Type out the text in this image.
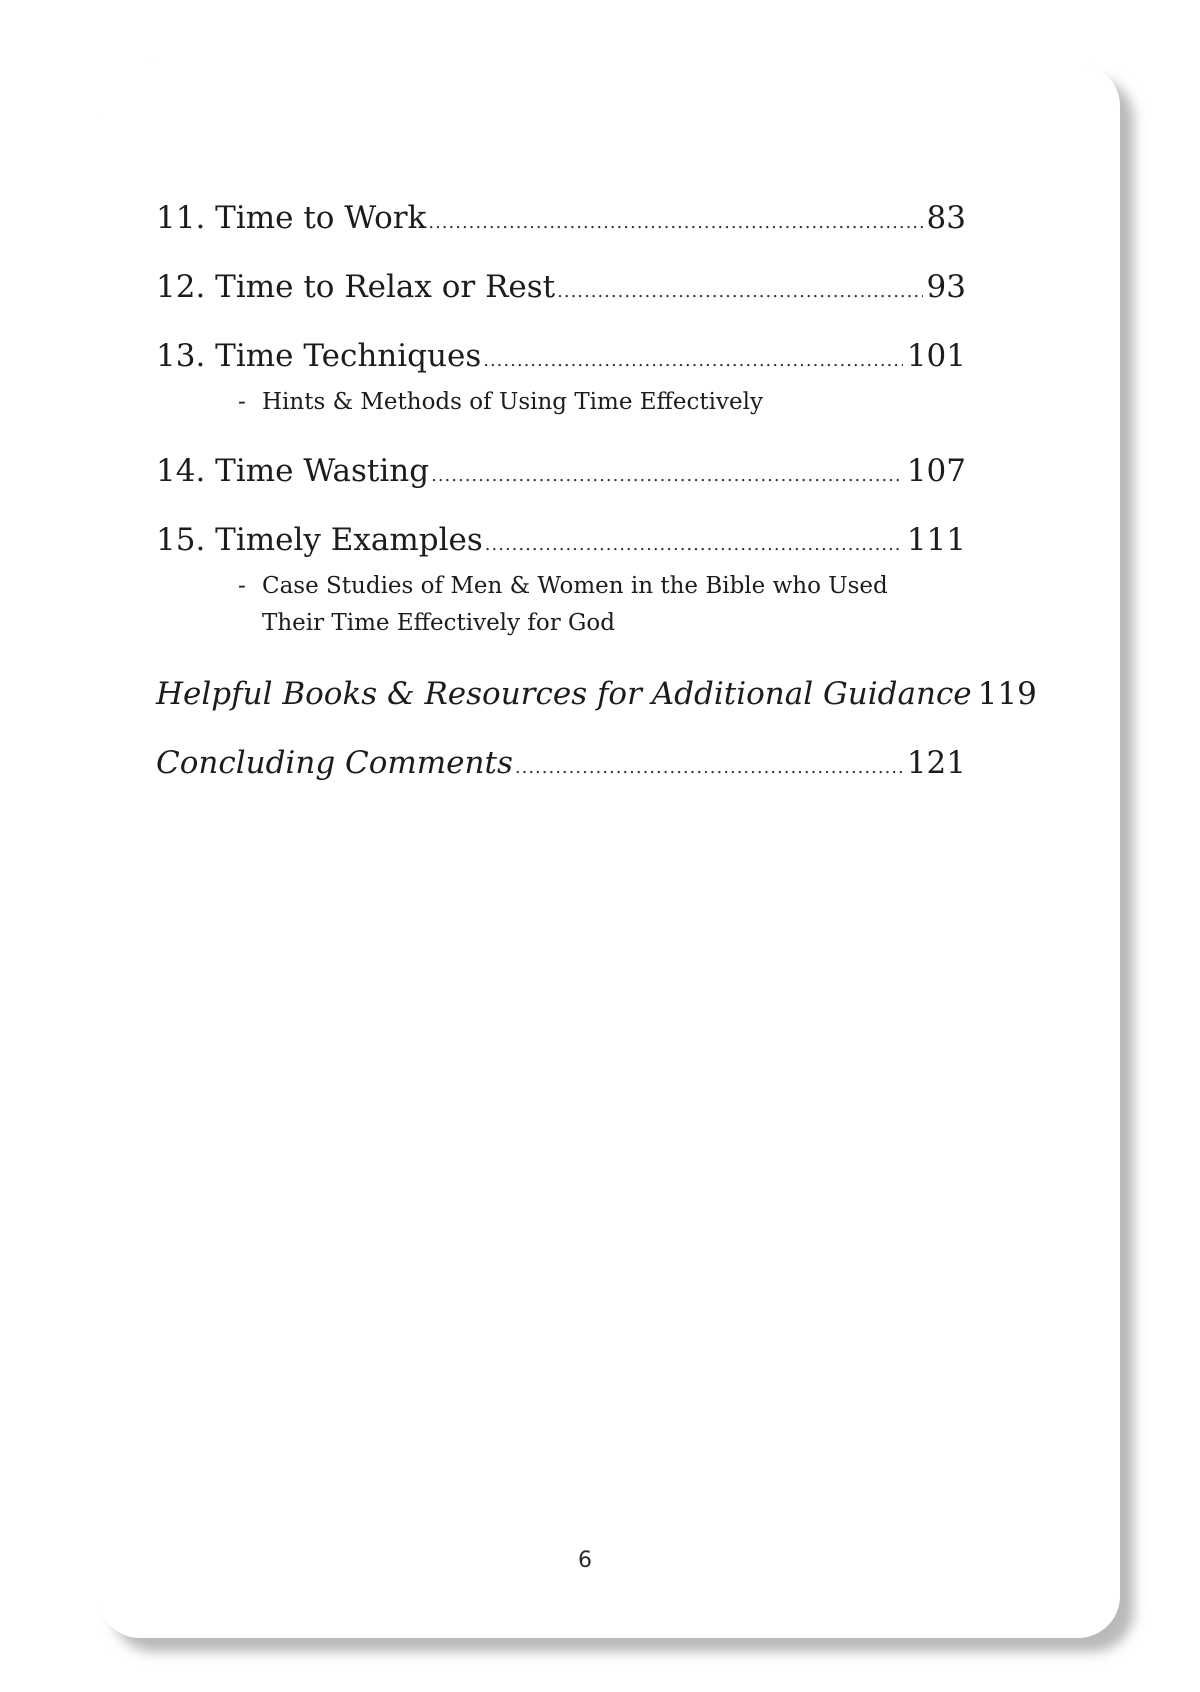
11. Time to Work .....	83
12. Time to Relax or Rest .....	93
13. Time Techniques .....	101
- Hints & Methods of Using Time Effectively
14. Time Wasting .....	107
15. Timely Examples .....	111
- Case Studies of Men & Women in the Bible who Used Their Time Effectively for God
Helpful Books & Resources for Additional Guidance 119
Concluding Comments .....	121
6
